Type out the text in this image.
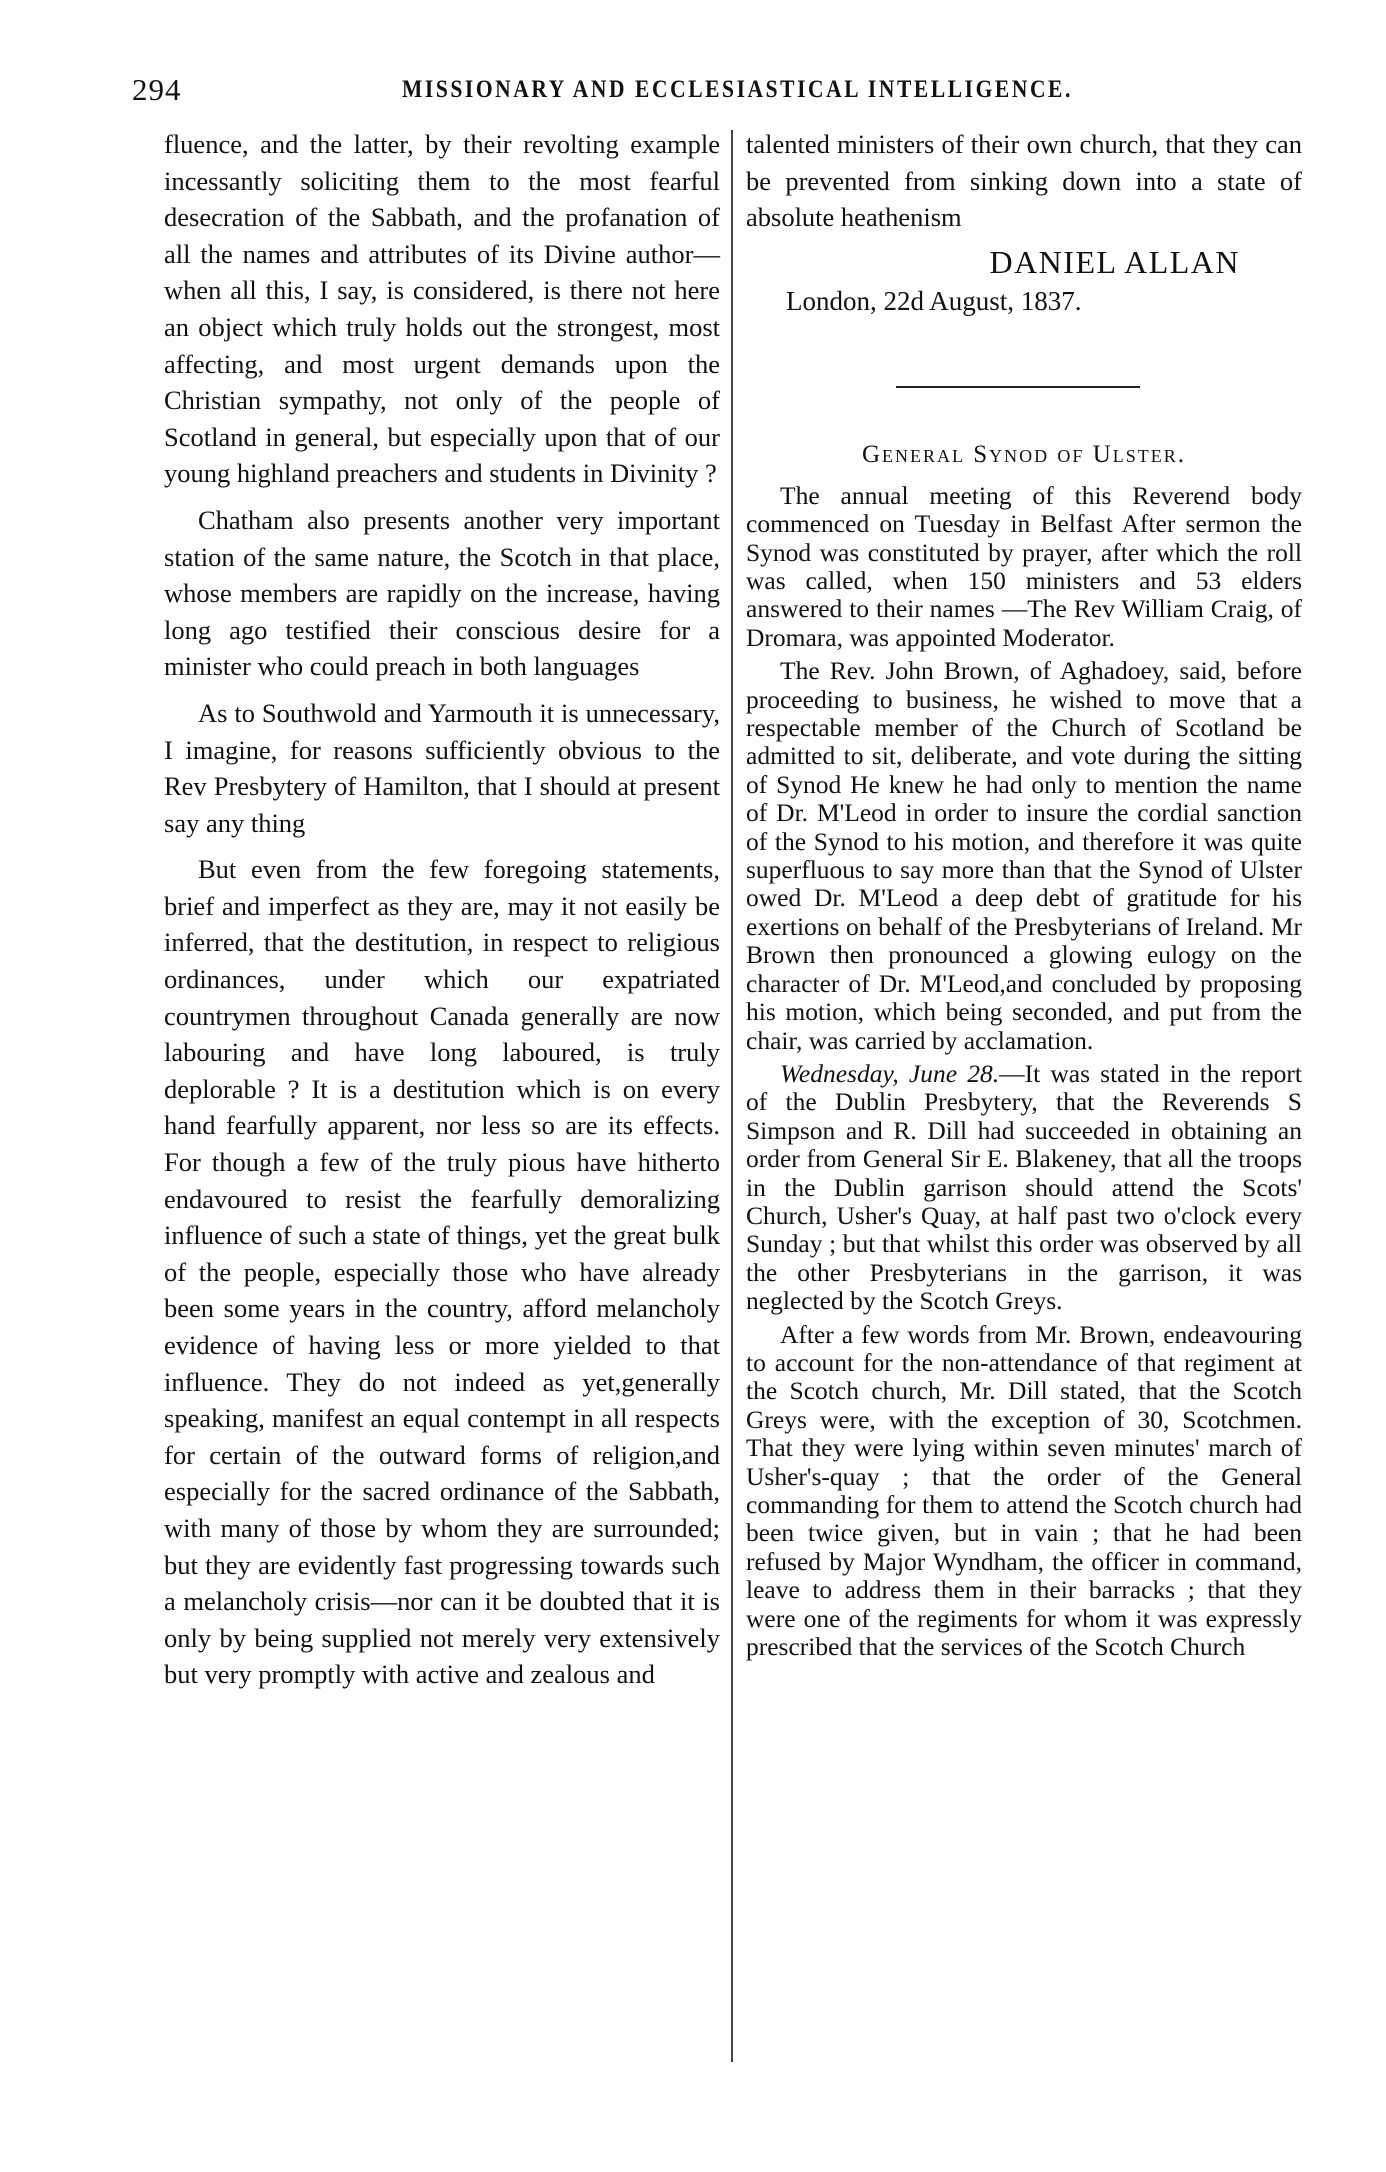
294	MISSIONARY AND ECCLESIASTICAL INTELLIGENCE.

fluence, and the latter, by their revolting example incessantly soliciting them to the most fearful desecration of the Sabbath, and the profanation of all the names and attributes of its Divine author—when all this, I say, is considered, is there not here an object which truly holds out the strongest, most affecting, and most urgent demands upon the Christian sympathy, not only of the people of Scotland in general, but especially upon that of our young highland preachers and students in Divinity ?

Chatham also presents another very important station of the same nature, the Scotch in that place, whose members are rapidly on the increase, having long ago testified their conscious desire for a minister who could preach in both languages

As to Southwold and Yarmouth it is unnecessary, I imagine, for reasons sufficiently obvious to the Rev Presbytery of Hamilton, that I should at present say any thing

But even from the few foregoing statements, brief and imperfect as they are, may it not easily be inferred, that the destitution, in respect to religious ordinances, under which our expatriated countrymen throughout Canada generally are now labouring and have long laboured, is truly deplorable ? It is a destitution which is on every hand fearfully apparent, nor less so are its effects. For though a few of the truly pious have hitherto endavoured to resist the fearfully demoralizing influence of such a state of things, yet the great bulk of the people, especially those who have already been some years in the country, afford melancholy evidence of having less or more yielded to that influence. They do not indeed as yet,generally speaking, manifest an equal contempt in all respects for certain of the outward forms of religion,and especially for the sacred ordinance of the Sabbath, with many of those by whom they are surrounded; but they are evidently fast progressing towards such a melancholy crisis—nor can it be doubted that it is only by being supplied not merely very extensively but very promptly with active and zealous and

talented ministers of their own church, that they can be prevented from sinking down into a state of absolute heathenism

DANIEL ALLAN
London, 22d August, 1837.
General Synod of Ulster.

The annual meeting of this Reverend body commenced on Tuesday in Belfast After sermon the Synod was constituted by prayer, after which the roll was called, when 150 ministers and 53 elders answered to their names —The Rev William Craig, of Dromara, was appointed Moderator.

The Rev. John Brown, of Aghadoey, said, before proceeding to business, he wished to move that a respectable member of the Church of Scotland be admitted to sit, deliberate, and vote during the sitting of Synod He knew he had only to mention the name of Dr. M'Leod in order to insure the cordial sanction of the Synod to his motion, and therefore it was quite superfluous to say more than that the Synod of Ulster owed Dr. M'Leod a deep debt of gratitude for his exertions on behalf of the Presbyterians of Ireland. Mr Brown then pronounced a glowing eulogy on the character of Dr. M'Leod,and concluded by proposing his motion, which being seconded, and put from the chair, was carried by acclamation.

Wednesday, June 28.—It was stated in the report of the Dublin Presbytery, that the Reverends S Simpson and R. Dill had succeeded in obtaining an order from General Sir E. Blakeney, that all the troops in the Dublin garrison should attend the Scots' Church, Usher's Quay, at half past two o'clock every Sunday ; but that whilst this order was observed by all the other Presbyterians in the garrison, it was neglected by the Scotch Greys.

After a few words from Mr. Brown, endeavouring to account for the non-attendance of that regiment at the Scotch church, Mr. Dill stated, that the Scotch Greys were, with the exception of 30, Scotchmen. That they were lying within seven minutes' march of Usher's-quay ; that the order of the General commanding for them to attend the Scotch church had been twice given, but in vain ; that he had been refused by Major Wyndham, the officer in command, leave to address them in their barracks ; that they were one of the regiments for whom it was expressly prescribed that the services of the Scotch Church
